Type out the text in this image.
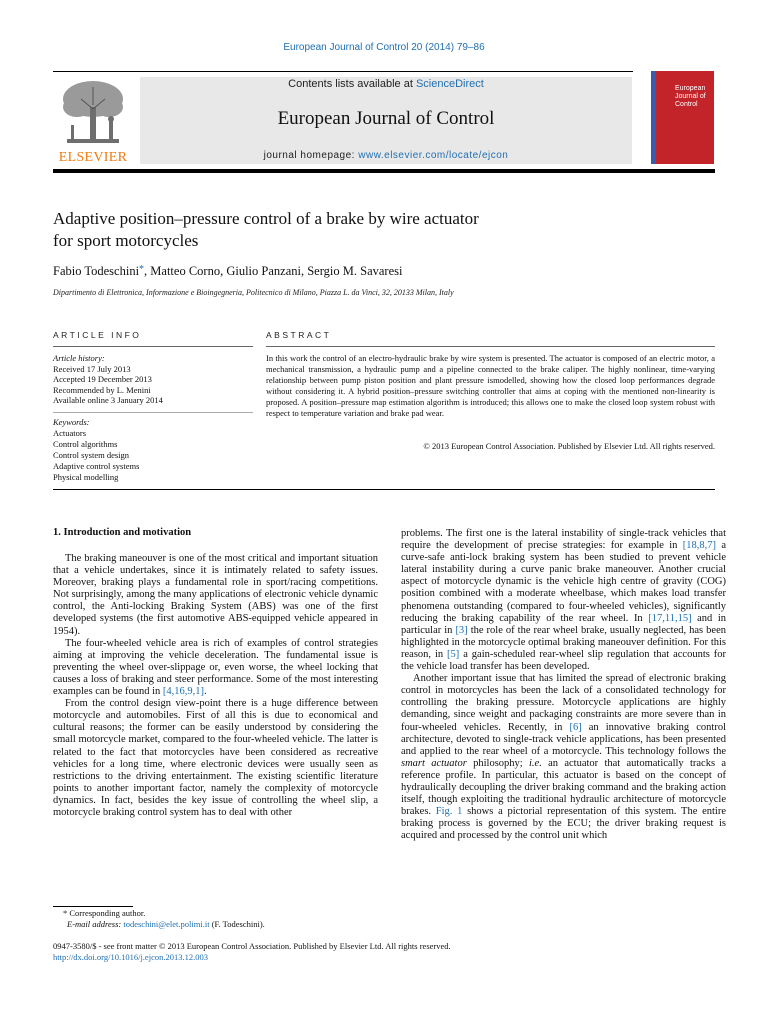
European Journal of Control 20 (2014) 79–86
ELSEVIER
Contents lists available at ScienceDirect
European Journal of Control
journal homepage: www.elsevier.com/locate/ejcon
European Journal of Control
Adaptive position–pressure control of a brake by wire actuator
for sport motorcycles
Fabio Todeschini*, Matteo Corno, Giulio Panzani, Sergio M. Savaresi
Dipartimento di Elettronica, Informazione e Bioingegneria, Politecnico di Milano, Piazza L. da Vinci, 32, 20133 Milan, Italy
ARTICLE INFO	ABSTRACT
Article history:
Received 17 July 2013
Accepted 19 December 2013
Recommended by L. Menini
Available online 3 January 2014
Keywords:
Actuators
Control algorithms
Control system design
Adaptive control systems
Physical modelling
In this work the control of an electro-hydraulic brake by wire system is presented. The actuator is composed of an electric motor, a mechanical transmission, a hydraulic pump and a pipeline connected to the brake caliper. The highly nonlinear, time-varying relationship between pump piston position and plant pressure ismodelled, showing how the closed loop performances degrade without considering it. A hybrid position–pressure switching controller that aims at coping with the mentioned non-linearity is proposed. A position–pressure map estimation algorithm is introduced; this allows one to make the closed loop system robust with respect to temperature variation and brake pad wear.
© 2013 European Control Association. Published by Elsevier Ltd. All rights reserved.
1. Introduction and motivation

The braking maneouver is one of the most critical and important situation that a vehicle undertakes, since it is intimately related to safety issues. Moreover, braking plays a fundamental role in sport/racing competitions. Not surprisingly, among the many applications of electronic vehicle dynamic control, the Anti-locking Braking System (ABS) was one of the first developed systems (the first automotive ABS-equipped vehicle appeared in 1954).

The four-wheeled vehicle area is rich of examples of control strategies aiming at improving the vehicle deceleration. The fundamental issue is preventing the wheel over-slippage or, even worse, the wheel locking that causes a loss of braking and steer performance. Some of the most interesting examples can be found in [4,16,9,1].

From the control design view-point there is a huge difference between motorcycle and automobiles. First of all this is due to economical and cultural reasons; the former can be easily understood by considering the small motorcycle market, compared to the four-wheeled vehicle. The latter is related to the fact that motorcycles have been considered as recreative vehicles for a long time, where electronic devices were usually seen as restrictions to the driving entertainment. The existing scientific literature points to another important factor, namely the complexity of motorcycle dynamics. In fact, besides the key issue of controlling the wheel slip, a motorcycle braking control system has to deal with other

problems. The first one is the lateral instability of single-track vehicles that require the development of precise strategies: for example in [18,8,7] a curve-safe anti-lock braking system has been studied to prevent vehicle lateral instability during a curve panic brake maneouver. Another crucial aspect of motorcycle dynamic is the vehicle high centre of gravity (COG) position combined with a moderate wheelbase, which makes load transfer phenomena outstanding (compared to four-wheeled vehicles), significantly reducing the braking capability of the rear wheel. In [17,11,15] and in particular in [3] the role of the rear wheel brake, usually neglected, has been highlighted in the motorcycle optimal braking maneouver definition. For this reason, in [5] a gain-scheduled rear-wheel slip regulation that accounts for the vehicle load transfer has been developed.

Another important issue that has limited the spread of electronic braking control in motorcycles has been the lack of a consolidated technology for controlling the braking pressure. Motorcycle applications are highly demanding, since weight and packaging constraints are more severe than in four-wheeled vehicles. Recently, in [6] an innovative braking control architecture, devoted to single-track vehicle applications, has been presented and applied to the rear wheel of a motorcycle. This technology follows the smart actuator philosophy; i.e. an actuator that automatically tracks a reference profile. In particular, this actuator is based on the concept of hydraulically decoupling the driver braking command and the braking action itself, though exploiting the traditional hydraulic architecture of motorcycle brakes. Fig. 1 shows a pictorial representation of this system. The entire braking process is governed by the ECU; the driver braking request is acquired and processed by the control unit which

* Corresponding author.
E-mail address: todeschini@elet.polimi.it (F. Todeschini).
0947-3580/$ - see front matter © 2013 European Control Association. Published by Elsevier Ltd. All rights reserved.
http://dx.doi.org/10.1016/j.ejcon.2013.12.003
